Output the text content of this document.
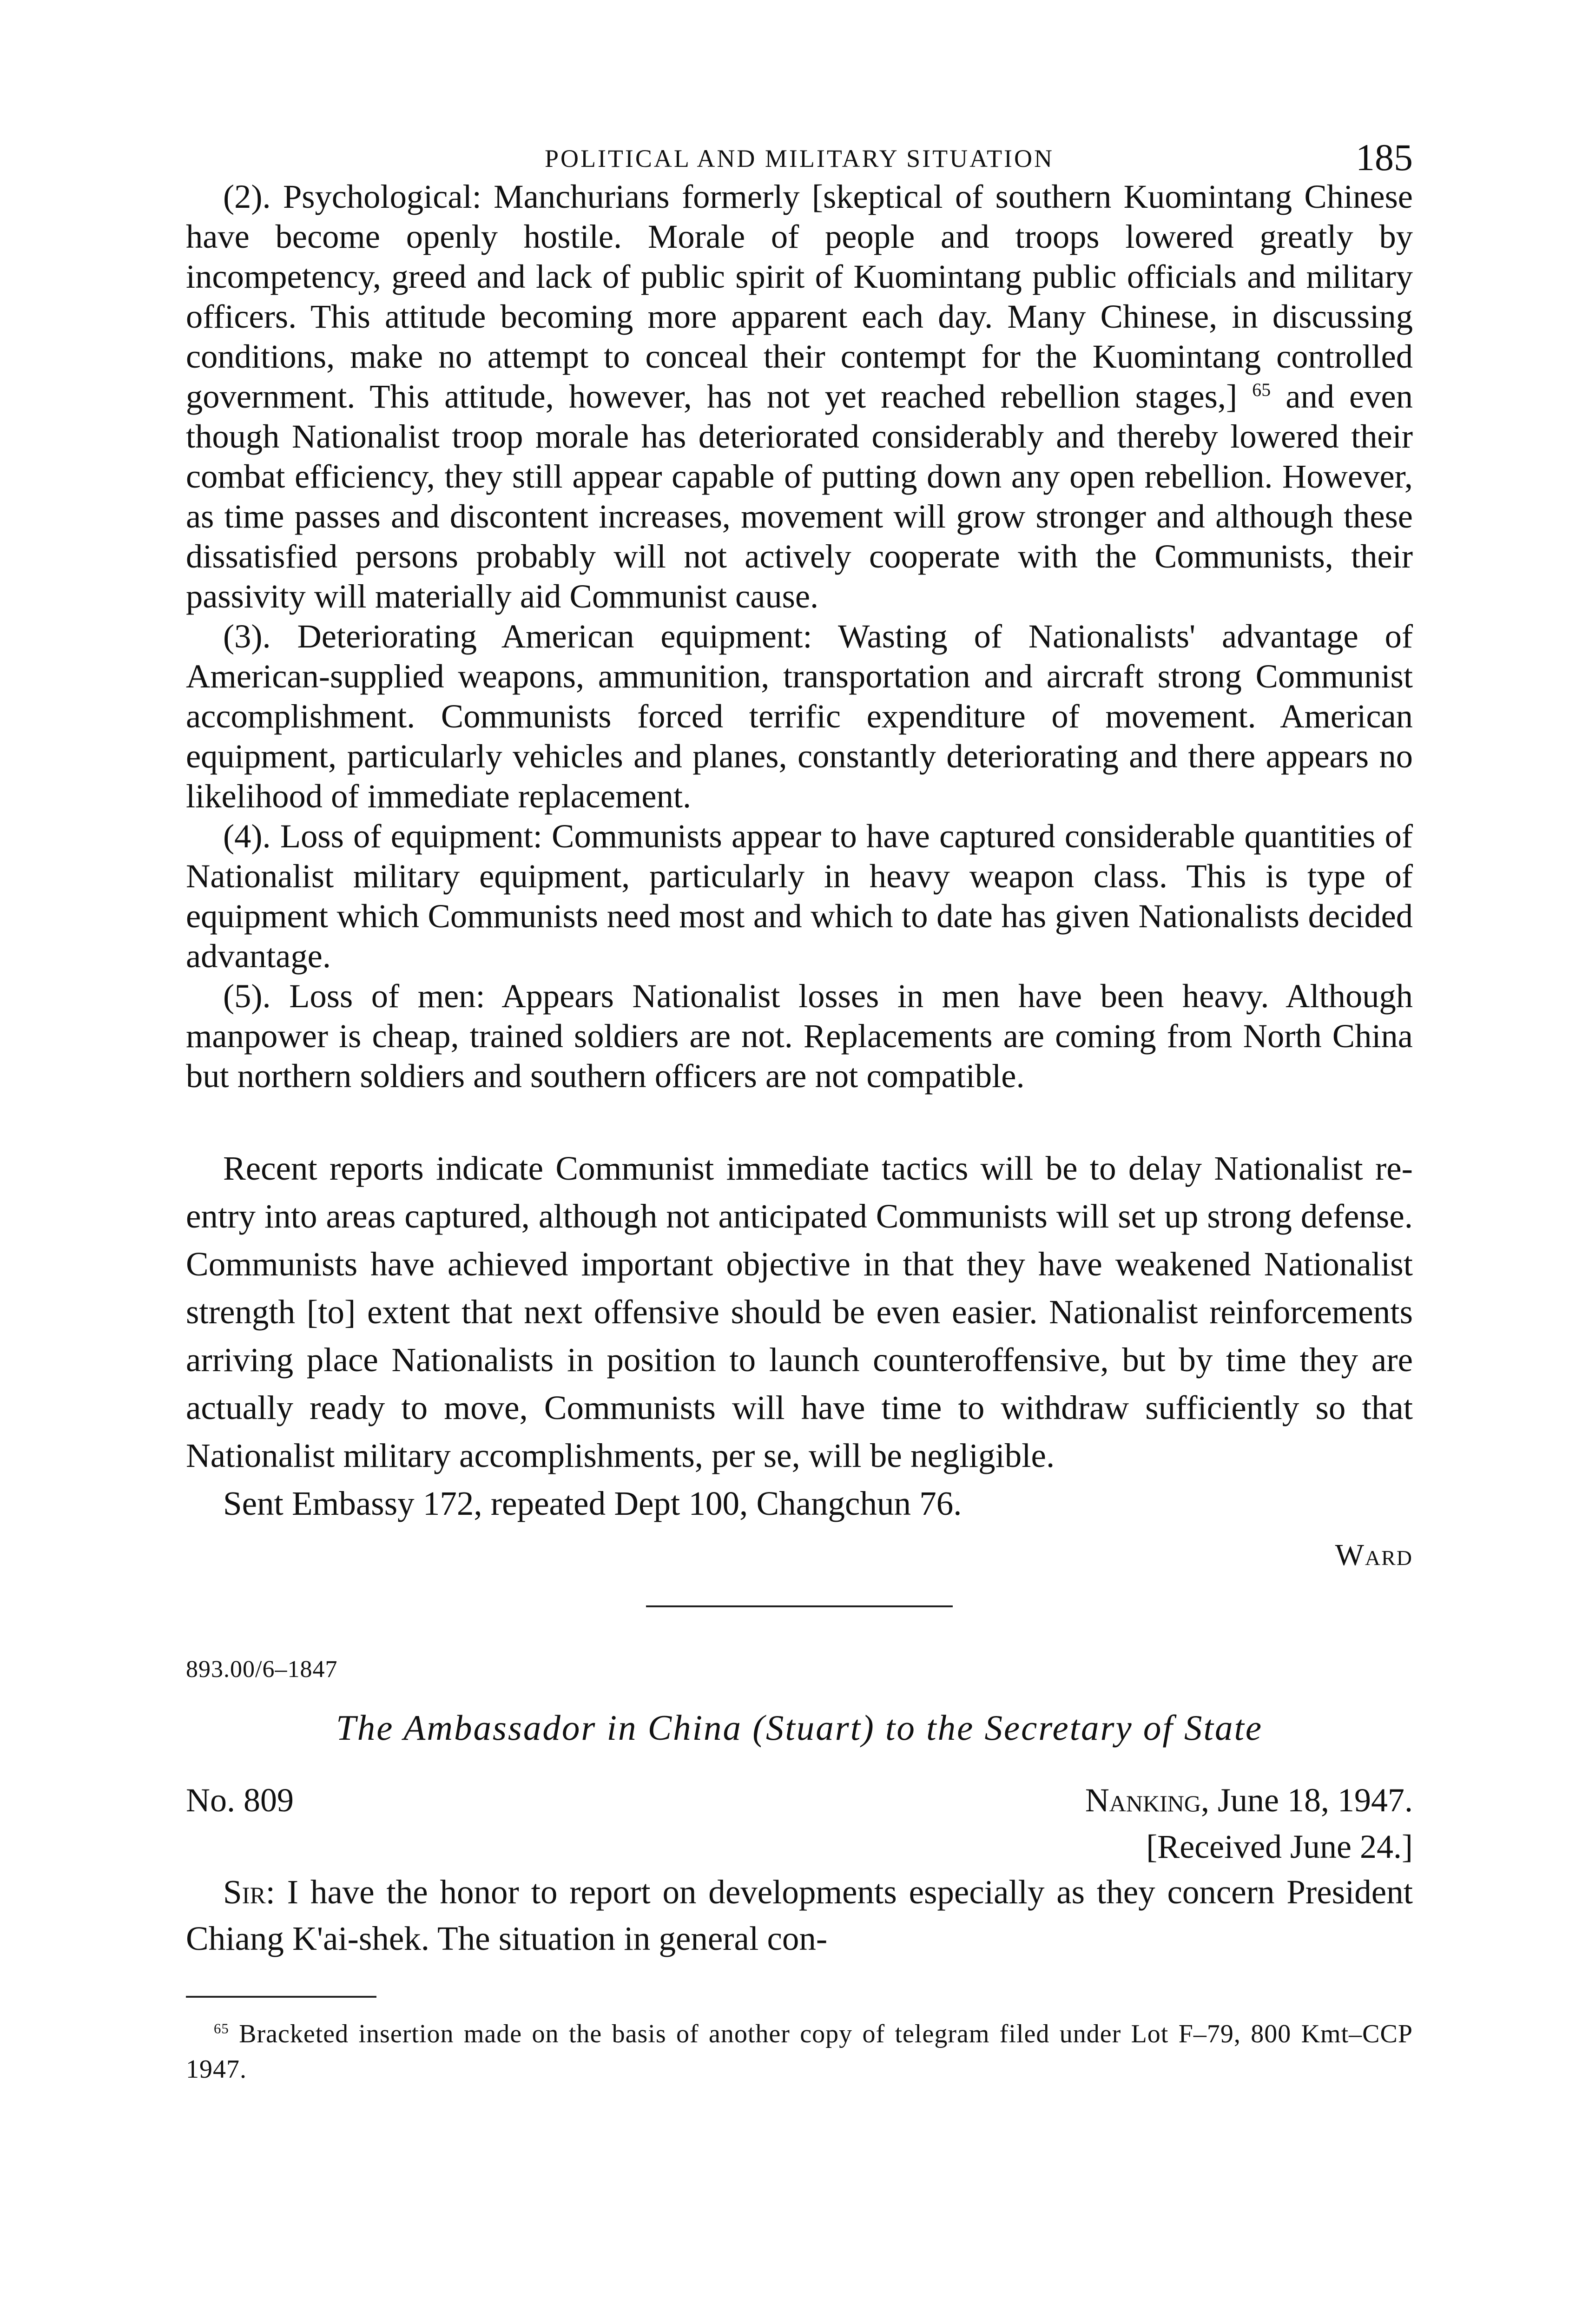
POLITICAL AND MILITARY SITUATION	185

(2). Psychological: Manchurians formerly [skeptical of southern Kuomintang Chinese have become openly hostile. Morale of people and troops lowered greatly by incompetency, greed and lack of public spirit of Kuomintang public officials and military officers. This attitude becoming more apparent each day. Many Chinese, in discussing conditions, make no attempt to conceal their contempt for the Kuomintang controlled government. This attitude, however, has not yet reached rebellion stages,] $^{65}$ and even though Nationalist troop morale has deteriorated considerably and thereby lowered their combat efficiency, they still appear capable of putting down any open rebellion. However, as time passes and discontent increases, movement will grow stronger and although these dissatisfied persons probably will not actively cooperate with the Communists, their passivity will materially aid Communist cause.

(3). Deteriorating American equipment: Wasting of Nationalists' advantage of American-supplied weapons, ammunition, transportation and aircraft strong Communist accomplishment. Communists forced terrific expenditure of movement. American equipment, particularly vehicles and planes, constantly deteriorating and there appears no likelihood of immediate replacement.

(4). Loss of equipment: Communists appear to have captured considerable quantities of Nationalist military equipment, particularly in heavy weapon class. This is type of equipment which Communists need most and which to date has given Nationalists decided advantage.

(5). Loss of men: Appears Nationalist losses in men have been heavy. Although manpower is cheap, trained soldiers are not. Replacements are coming from North China but northern soldiers and southern officers are not compatible.

Recent reports indicate Communist immediate tactics will be to delay Nationalist re-entry into areas captured, although not anticipated Communists will set up strong defense. Communists have achieved important objective in that they have weakened Nationalist strength [to] extent that next offensive should be even easier. Nationalist reinforcements arriving place Nationalists in position to launch counteroffensive, but by time they are actually ready to move, Communists will have time to withdraw sufficiently so that Nationalist military accomplishments, per se, will be negligible.

Sent Embassy 172, repeated Dept 100, Changchun 76.

Ward
893.00/6–1847
The Ambassador in China (Stuart) to the Secretary of State
No. 809	Nanking, June 18, 1947.
[Received June 24.]

Sir: I have the honor to report on developments especially as they concern President Chiang K'ai-shek. The situation in general con-

$^{65}$ Bracketed insertion made on the basis of another copy of telegram filed under Lot F–79, 800 Kmt–CCP 1947.
